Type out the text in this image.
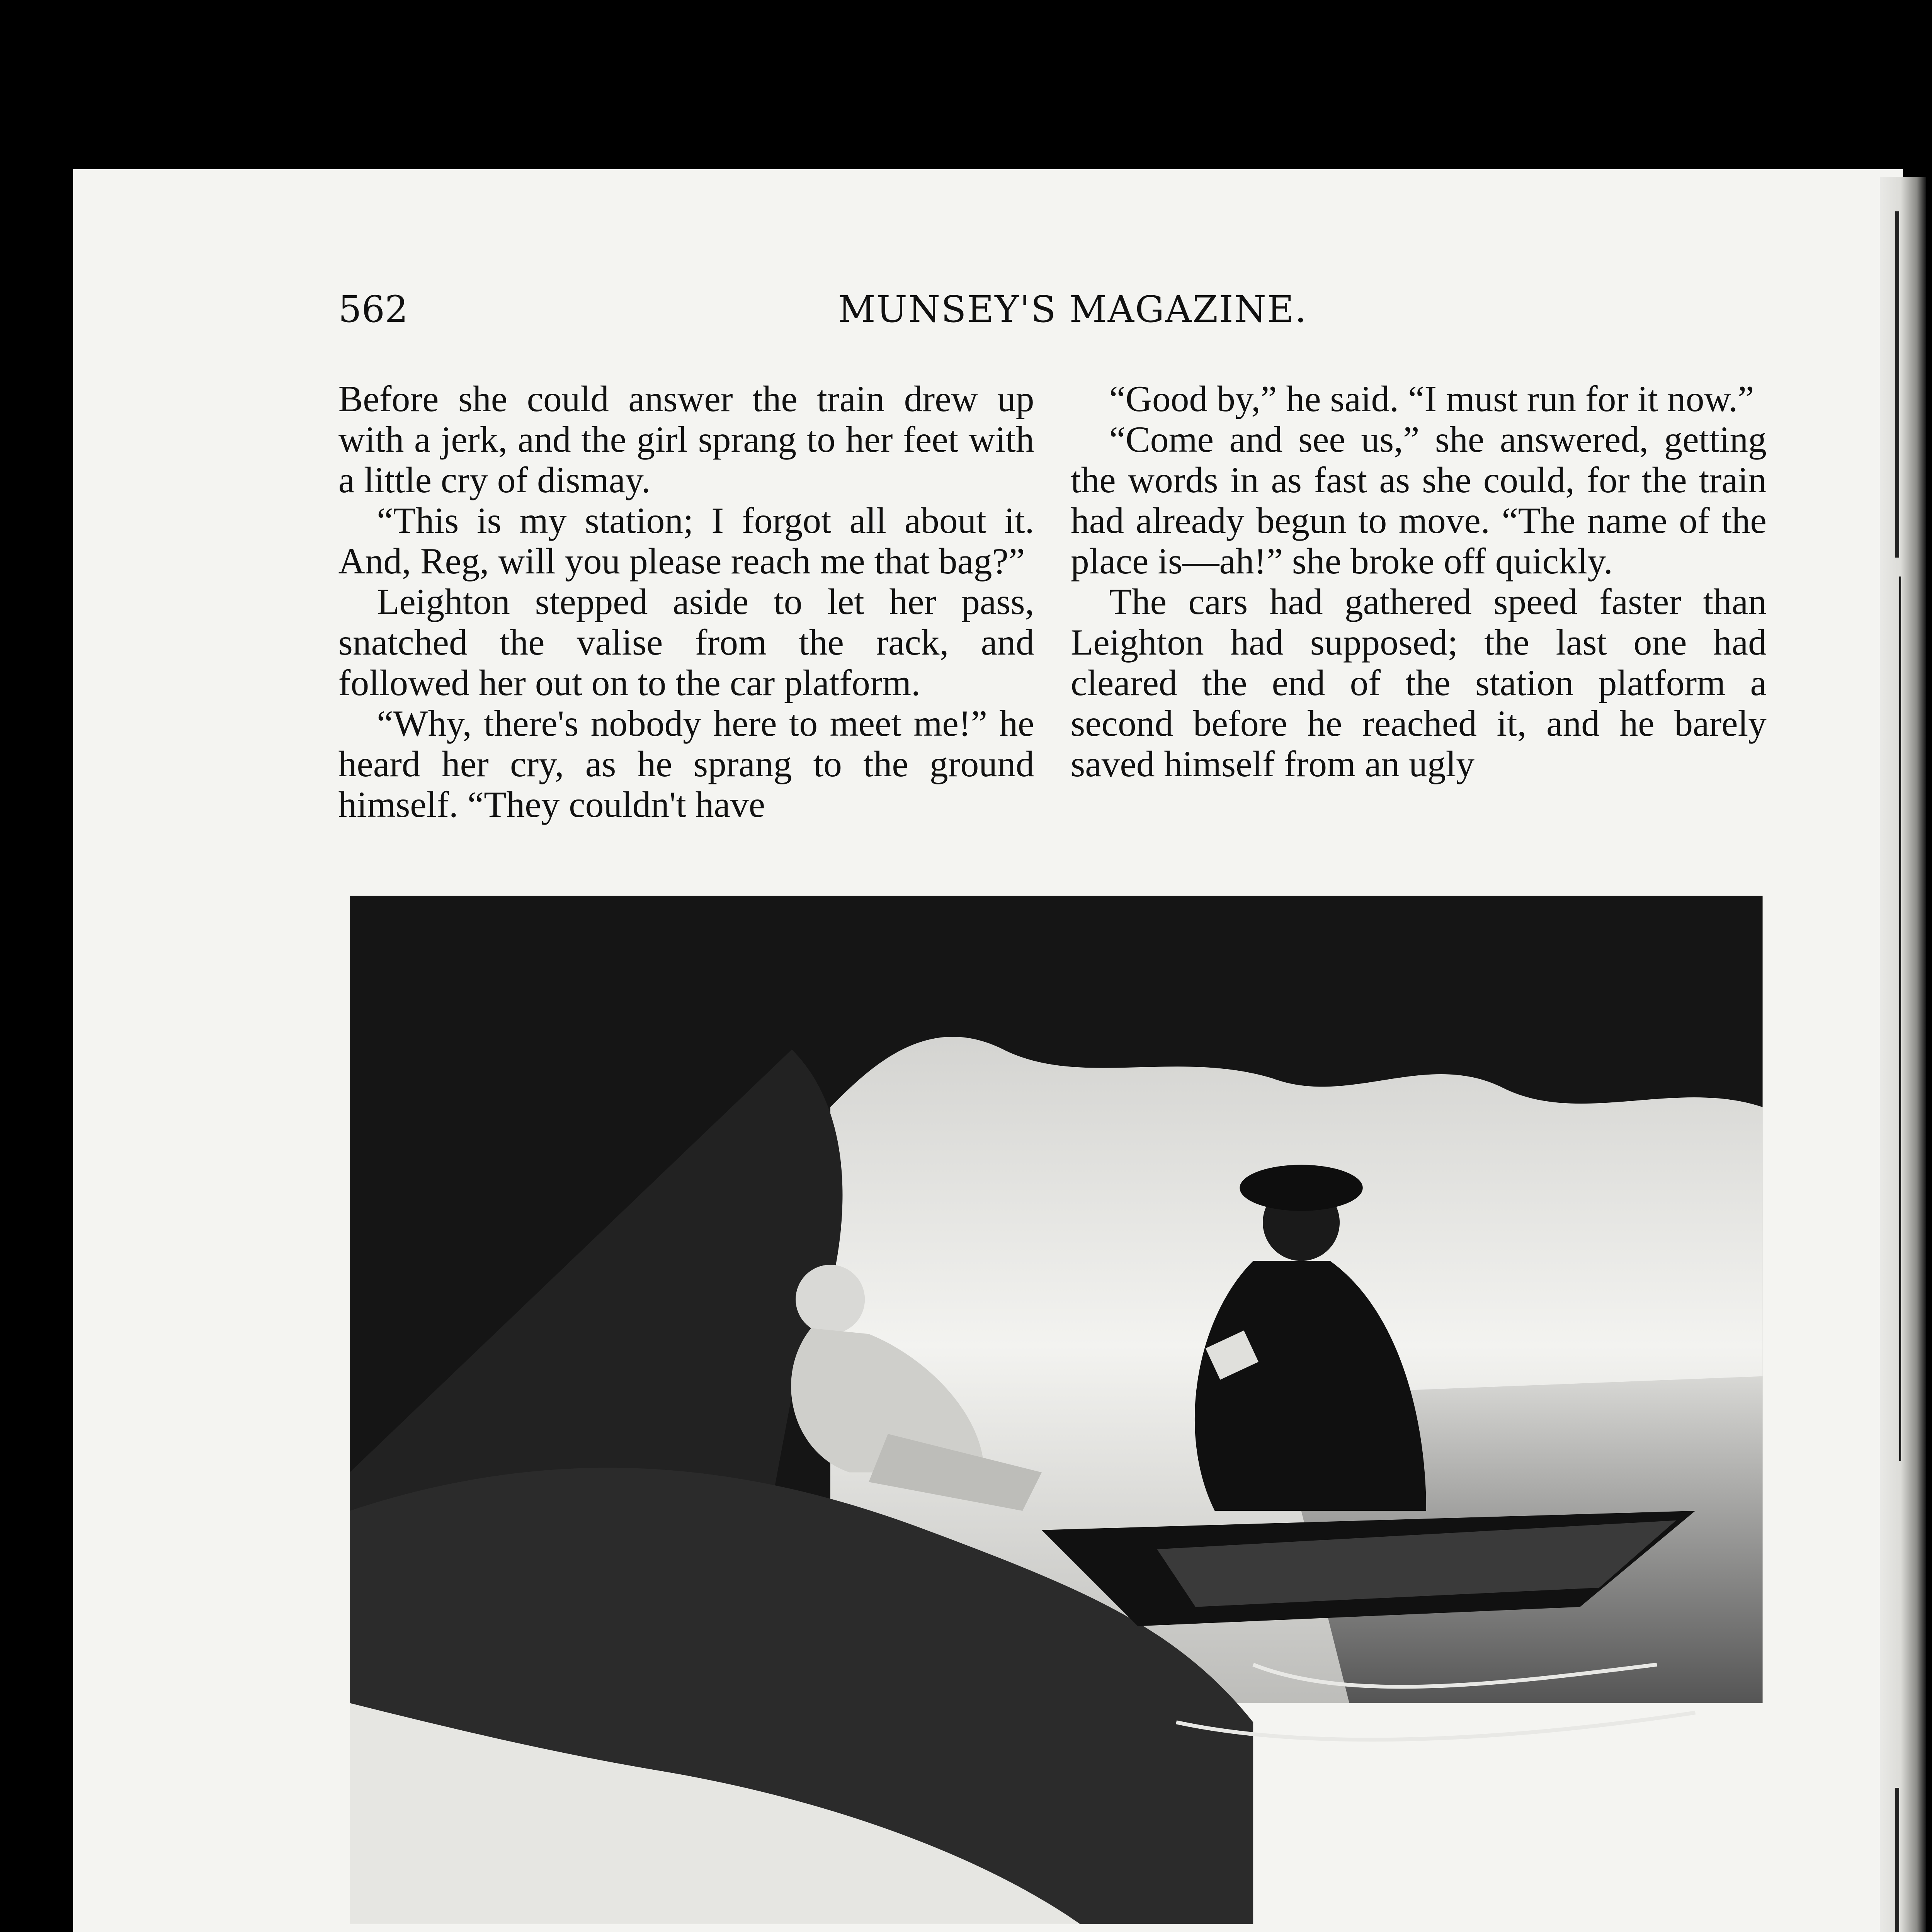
562	MUNSEY'S MAGAZINE.

Before she could answer the train drew up with a jerk, and the girl sprang to her feet with a little cry of dismay.

“This is my station; I forgot all about it. And, Reg, will you please reach me that bag?”

Leighton stepped aside to let her pass, snatched the valise from the rack, and followed her out on to the car platform.

“Why, there's nobody here to meet me!” he heard her cry, as he sprang to the ground himself. “They couldn't have

“Good by,” he said. “I must run for it now.”

“Come and see us,” she answered, getting the words in as fast as she could, for the train had already begun to move. “The name of the place is—ah!” she broke off quickly.

The cars had gathered speed faster than Leighton had supposed; the last one had cleared the end of the station platform a second before he reached it, and he barely saved himself from an ugly
